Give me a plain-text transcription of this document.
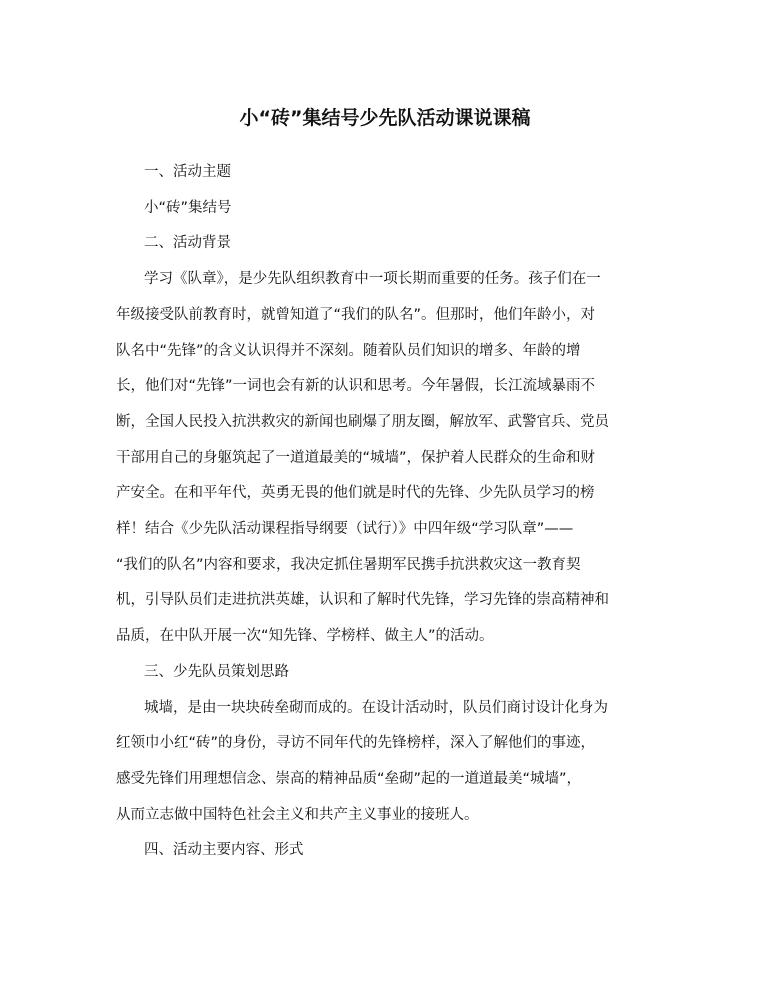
小“砖”集结号少先队活动课说课稿

一、活动主题

小“砖”集结号

二、活动背景

学习《队章》，是少先队组织教育中一项长期而重要的任务。孩子们在一

年级接受队前教育时，就曾知道了“我们的队名”。但那时，他们年龄小，对

队名中“先锋”的含义认识得并不深刻。随着队员们知识的增多、年龄的增

长，他们对“先锋”一词也会有新的认识和思考。今年暑假，长江流域暴雨不

断，全国人民投入抗洪救灾的新闻也刷爆了朋友圈，解放军、武警官兵、党员

干部用自己的身躯筑起了一道道最美的“城墙”，保护着人民群众的生命和财

产安全。在和平年代，英勇无畏的他们就是时代的先锋、少先队员学习的榜

样！结合《少先队活动课程指导纲要（试行）》中四年级“学习队章”——

“我们的队名”内容和要求，我决定抓住暑期军民携手抗洪救灾这一教育契

机，引导队员们走进抗洪英雄，认识和了解时代先锋，学习先锋的崇高精神和

品质，在中队开展一次“知先锋、学榜样、做主人”的活动。

三、少先队员策划思路

城墙，是由一块块砖垒砌而成的。在设计活动时，队员们商讨设计化身为

红领巾小红“砖”的身份，寻访不同年代的先锋榜样，深入了解他们的事迹，

感受先锋们用理想信念、崇高的精神品质“垒砌”起的一道道最美“城墙”，

从而立志做中国特色社会主义和共产主义事业的接班人。

四、活动主要内容、形式
